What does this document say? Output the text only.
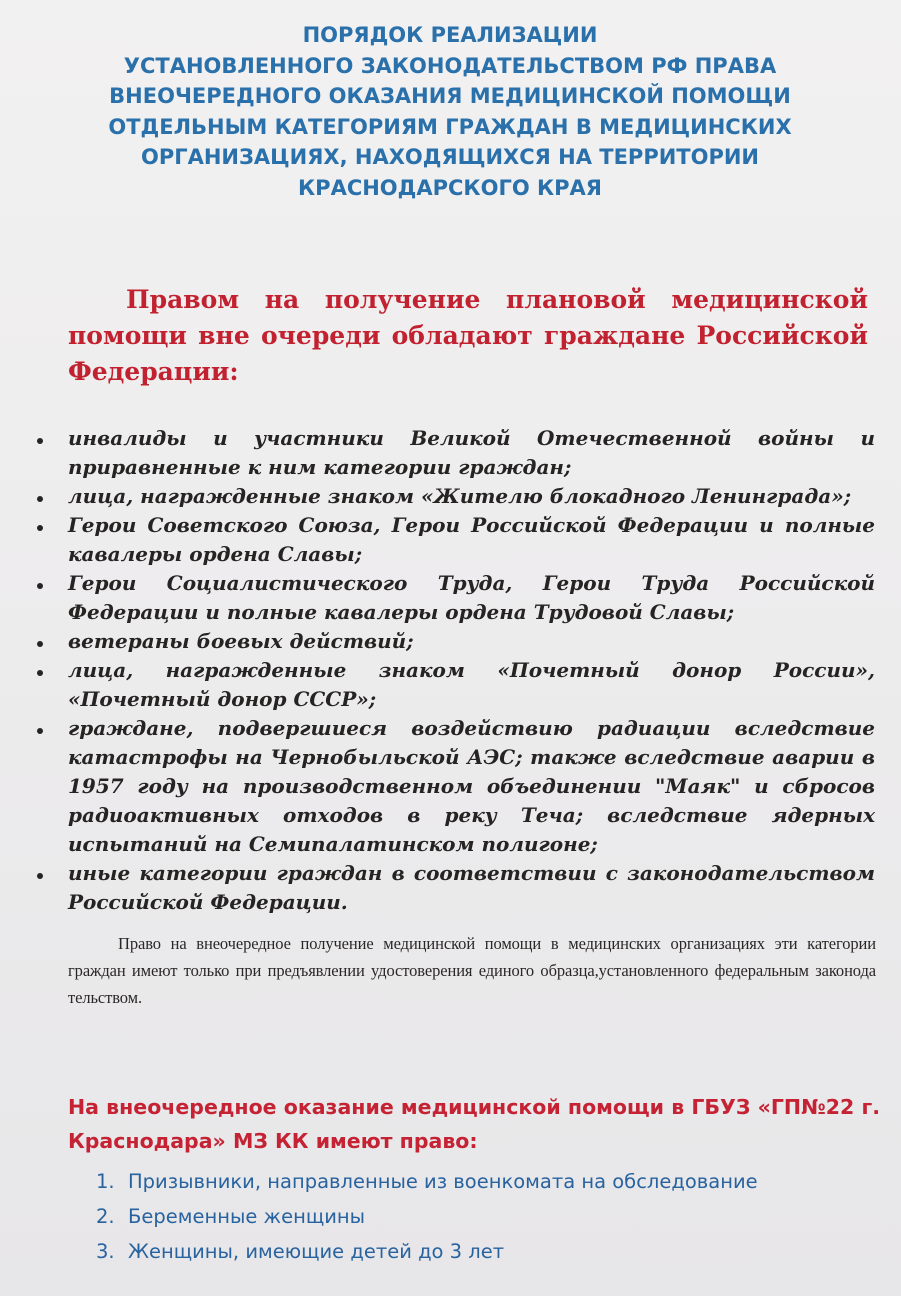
ПОРЯДОК РЕАЛИЗАЦИИ
УСТАНОВЛЕННОГО ЗАКОНОДАТЕЛЬСТВОМ РФ ПРАВА
ВНЕОЧЕРЕДНОГО ОКАЗАНИЯ МЕДИЦИНСКОЙ ПОМОЩИ
ОТДЕЛЬНЫМ КАТЕГОРИЯМ ГРАЖДАН В МЕДИЦИНСКИХ
ОРГАНИЗАЦИЯХ, НАХОДЯЩИХСЯ НА ТЕРРИТОРИИ
КРАСНОДАРСКОГО КРАЯ

Правом на получение плановой медицинской помощи вне очереди обладают граждане Российской Федерации:

инвалиды и участники Великой Отечественной войны и приравненные к ним категории граждан;
лица, награжденные знаком «Жителю блокадного Ленинграда»;
Герои Советского Союза, Герои Российской Федерации и полные кавалеры ордена Славы;
Герои Социалистического Труда, Герои Труда Российской Федерации и полные кавалеры ордена Трудовой Славы;
ветераны боевых действий;
лица, награжденные знаком «Почетный донор России», «Почетный донор СССР»;
граждане, подвергшиеся воздействию радиации вследствие катастрофы на Чернобыльской АЭС; также вследствие аварии в 1957 году на производственном объединении "Маяк" и сбросов радиоактивных отходов в реку Теча; вследствие ядерных испытаний на Семипалатинском полигоне;
иные категории граждан в соответствии с законодательством Российской Федерации.

Право на внеочередное получение медицинской помощи в медицинских организациях эти категории граждан имеют только при предъявлении удостоверения единого образца,установленного федеральным законода тельством.

На внеочередное оказание медицинской помощи в ГБУЗ «ГП№22 г. Краснодара» МЗ КК имеют право:

1. Призывники, направленные из военкомата на обследование
2. Беременные женщины
3. Женщины, имеющие детей до 3 лет
